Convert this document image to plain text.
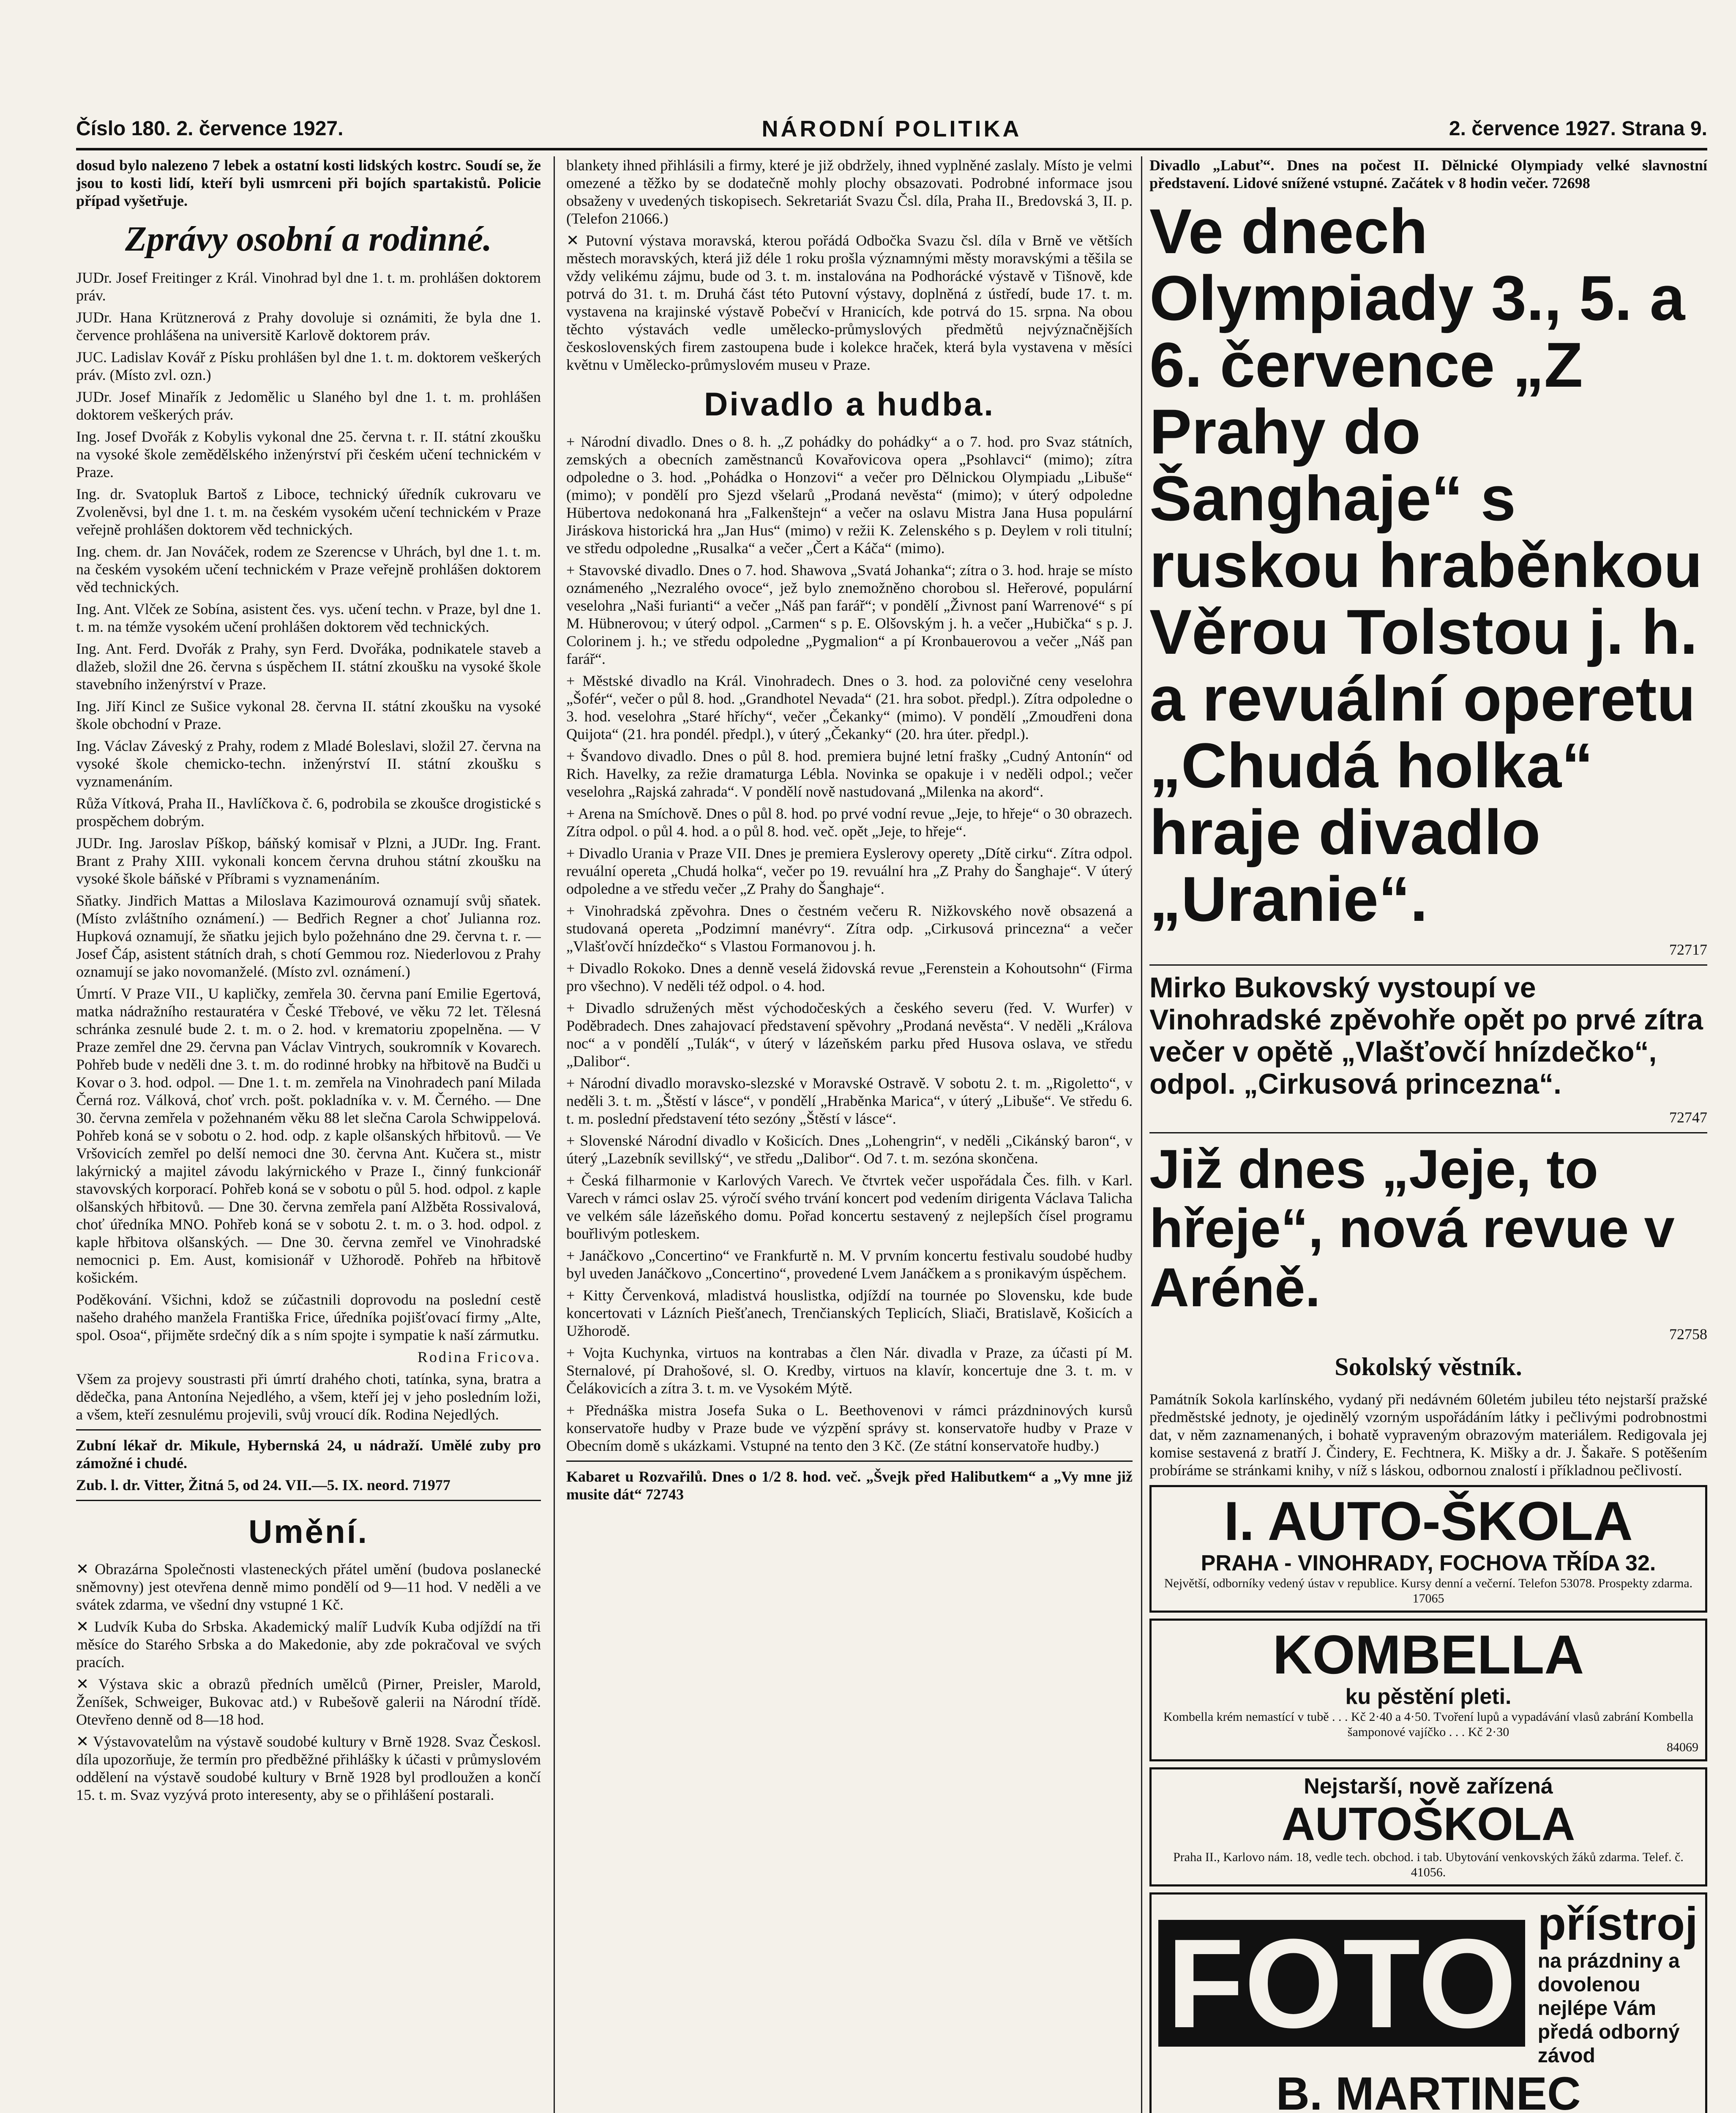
Číslo 180. 2. července 1927.	NÁRODNÍ POLITIKA	2. července 1927. Strana 9.

dosud bylo nalezeno 7 lebek a ostatní kosti lidských kostrc. Soudí se, že jsou to kosti lidí, kteří byli usmrceni při bojích spartakistů. Policie případ vyšetřuje.

Zprávy osobní a rodinné.

JUDr. Josef Freitinger z Král. Vinohrad byl dne 1. t. m. prohlášen doktorem práv.

JUDr. Hana Krütznerová z Prahy dovoluje si oznámiti, že byla dne 1. července prohlášena na universitě Karlově doktorem práv.

JUC. Ladislav Kovář z Písku prohlášen byl dne 1. t. m. doktorem veškerých práv. (Místo zvl. ozn.)

JUDr. Josef Minařík z Jedomělic u Slaného byl dne 1. t. m. prohlášen doktorem veškerých práv.

Ing. Josef Dvořák z Kobylis vykonal dne 25. června t. r. II. státní zkoušku na vysoké škole zemědělského inženýrství při českém učení technickém v Praze.

Ing. dr. Svatopluk Bartoš z Liboce, technický úředník cukrovaru ve Zvoleněvsi, byl dne 1. t. m. na českém vysokém učení technickém v Praze veřejně prohlášen doktorem věd technických.

Ing. chem. dr. Jan Nováček, rodem ze Szerencse v Uhrách, byl dne 1. t. m. na českém vysokém učení technickém v Praze veřejně prohlášen doktorem věd technických.

Ing. Ant. Vlček ze Sobína, asistent čes. vys. učení techn. v Praze, byl dne 1. t. m. na témže vysokém učení prohlášen doktorem věd technických.

Ing. Ant. Ferd. Dvořák z Prahy, syn Ferd. Dvořáka, podnikatele staveb a dlažeb, složil dne 26. června s úspěchem II. státní zkoušku na vysoké škole stavebního inženýrství v Praze.

Ing. Jiří Kincl ze Sušice vykonal 28. června II. státní zkoušku na vysoké škole obchodní v Praze.

Ing. Václav Záveský z Prahy, rodem z Mladé Boleslavi, složil 27. června na vysoké škole chemicko-techn. inženýrství II. státní zkoušku s vyznamenáním.

Růža Vítková, Praha II., Havlíčkova č. 6, podrobila se zkoušce drogistické s prospěchem dobrým.

JUDr. Ing. Jaroslav Píškop, báňský komisař v Plzni, a JUDr. Ing. Frant. Brant z Prahy XIII. vykonali koncem června druhou státní zkoušku na vysoké škole báňské v Příbrami s vyznamenáním.

Sňatky. Jindřich Mattas a Miloslava Kazimourová oznamují svůj sňatek. (Místo zvláštního oznámení.) — Bedřich Regner a choť Julianna roz. Hupková oznamují, že sňatku jejich bylo požehnáno dne 29. června t. r. — Josef Čáp, asistent státních drah, s chotí Gemmou roz. Niederlovou z Prahy oznamují se jako novomanželé. (Místo zvl. oznámení.)

Úmrtí. V Praze VII., U kapličky, zemřela 30. června paní Emilie Egertová, matka nádražního restauratéra v České Třebové, ve věku 72 let. Tělesná schránka zesnulé bude 2. t. m. o 2. hod. v krematoriu zpopelněna. — V Praze zemřel dne 29. června pan Václav Vintrych, soukromník v Kovarech. Pohřeb bude v neděli dne 3. t. m. do rodinné hrobky na hřbitově na Budči u Kovar o 3. hod. odpol. — Dne 1. t. m. zemřela na Vinohradech paní Milada Černá roz. Válková, choť vrch. pošt. pokladníka v. v. M. Černého. — Dne 30. června zemřela v požehnaném věku 88 let slečna Carola Schwippelová. Pohřeb koná se v sobotu o 2. hod. odp. z kaple olšanských hřbitovů. — Ve Vršovicích zemřel po delší nemoci dne 30. června Ant. Kučera st., mistr lakýrnický a majitel závodu lakýrnického v Praze I., činný funkcionář stavovských korporací. Pohřeb koná se v sobotu o půl 5. hod. odpol. z kaple olšanských hřbitovů. — Dne 30. června zemřela paní Alžběta Rossivalová, choť úředníka MNO. Pohřeb koná se v sobotu 2. t. m. o 3. hod. odpol. z kaple hřbitova olšanských. — Dne 30. června zemřel ve Vinohradské nemocnici p. Em. Aust, komisionář v Užhorodě. Pohřeb na hřbitově košickém.

Poděkování. Všichni, kdož se zúčastnili doprovodu na poslední cestě našeho drahého manžela Františka Frice, úředníka pojišťovací firmy „Alte, spol. Osoa“, přijměte srdečný dík a s ním spojte i sympatie k naší zármutku.

Rodina Fricova.

Všem za projevy soustrasti při úmrtí drahého choti, tatínka, syna, bratra a dědečka, pana Antonína Nejedlého, a všem, kteří jej v jeho posledním loži, a všem, kteří zesnulému projevili, svůj vroucí dík. Rodina Nejedlých.

Zubní lékař dr. Mikule, Hybernská 24, u nádraží. Umělé zuby pro zámožné i chudé.

Zub. l. dr. Vitter, Žitná 5, od 24. VII.—5. IX. neord. 71977

Umění.

✕ Obrazárna Společnosti vlasteneckých přátel umění (budova poslanecké sněmovny) jest otevřena denně mimo pondělí od 9—11 hod. V neděli a ve svátek zdarma, ve všední dny vstupné 1 Kč.

✕ Ludvík Kuba do Srbska. Akademický malíř Ludvík Kuba odjíždí na tři měsíce do Starého Srbska a do Makedonie, aby zde pokračoval ve svých pracích.

✕ Výstava skic a obrazů předních umělců (Pirner, Preisler, Marold, Ženíšek, Schweiger, Bukovac atd.) v Rubešově galerii na Národní třídě. Otevřeno denně od 8—18 hod.

✕ Výstavovatelům na výstavě soudobé kultury v Brně 1928. Svaz Českosl. díla upozorňuje, že termín pro předběžné přihlášky k účasti v průmyslovém oddělení na výstavě soudobé kultury v Brně 1928 byl prodloužen a končí 15. t. m. Svaz vyzývá proto interesenty, aby se o přihlášení postarali.

blankety ihned přihlásili a firmy, které je již obdržely, ihned vyplněné zaslaly. Místo je velmi omezené a těžko by se dodatečně mohly plochy obsazovati. Podrobné informace jsou obsaženy v uvedených tiskopisech. Sekretariát Svazu Čsl. díla, Praha II., Bredovská 3, II. p. (Telefon 21066.)

✕ Putovní výstava moravská, kterou pořádá Odbočka Svazu čsl. díla v Brně ve větších městech moravských, která již déle 1 roku prošla významnými městy moravskými a těšila se vždy velikému zájmu, bude od 3. t. m. instalována na Podhorácké výstavě v Tišnově, kde potrvá do 31. t. m. Druhá část této Putovní výstavy, doplněná z ústředí, bude 17. t. m. vystavena na krajinské výstavě Pobečví v Hranicích, kde potrvá do 15. srpna. Na obou těchto výstavách vedle umělecko-průmyslových předmětů nejvýznačnějších československých firem zastoupena bude i kolekce hraček, která byla vystavena v měsíci květnu v Umělecko-průmyslovém museu v Praze.

Divadlo a hudba.

+ Národní divadlo. Dnes o 8. h. „Z pohádky do pohádky“ a o 7. hod. pro Svaz státních, zemských a obecních zaměstnanců Kovařovicova opera „Psohlavci“ (mimo); zítra odpoledne o 3. hod. „Pohádka o Honzovi“ a večer pro Dělnickou Olympiadu „Libuše“ (mimo); v pondělí pro Sjezd všelarů „Prodaná nevěsta“ (mimo); v úterý odpoledne Hübertova nedokonaná hra „Falkenštejn“ a večer na oslavu Mistra Jana Husa populární Jiráskova historická hra „Jan Hus“ (mimo) v režii K. Zelenského s p. Deylem v roli titulní; ve středu odpoledne „Rusalka“ a večer „Čert a Káča“ (mimo).

+ Stavovské divadlo. Dnes o 7. hod. Shawova „Svatá Johanka“; zítra o 3. hod. hraje se místo oznámeného „Nezralého ovoce“, jež bylo znemožněno chorobou sl. Heřerové, populární veselohra „Naši furianti“ a večer „Náš pan farář“; v pondělí „Živnost paní Warrenové“ s pí M. Hübnerovou; v úterý odpol. „Carmen“ s p. E. Olšovským j. h. a večer „Hubička“ s p. J. Colorinem j. h.; ve středu odpoledne „Pygmalion“ a pí Kronbauerovou a večer „Náš pan farář“.

+ Městské divadlo na Král. Vinohradech. Dnes o 3. hod. za polovičné ceny veselohra „Šofér“, večer o půl 8. hod. „Grandhotel Nevada“ (21. hra sobot. předpl.). Zítra odpoledne o 3. hod. veselohra „Staré hříchy“, večer „Čekanky“ (mimo). V pondělí „Zmoudřeni dona Quijota“ (21. hra pondél. předpl.), v úterý „Čekanky“ (20. hra úter. předpl.).

+ Švandovo divadlo. Dnes o půl 8. hod. premiera bujné letní frašky „Cudný Antonín“ od Rich. Havelky, za režie dramaturga Lébla. Novinka se opakuje i v neděli odpol.; večer veselohra „Rajská zahrada“. V pondělí nově nastudovaná „Milenka na akord“.

+ Arena na Smíchově. Dnes o půl 8. hod. po prvé vodní revue „Jeje, to hřeje“ o 30 obrazech. Zítra odpol. o půl 4. hod. a o půl 8. hod. več. opět „Jeje, to hřeje“.

+ Divadlo Urania v Praze VII. Dnes je premiera Eyslerovy operety „Dítě cirku“. Zítra odpol. revuální opereta „Chudá holka“, večer po 19. revuální hra „Z Prahy do Šanghaje“. V úterý odpoledne a ve středu večer „Z Prahy do Šanghaje“.

+ Vinohradská zpěvohra. Dnes o čestném večeru R. Nižkovského nově obsazená a studovaná opereta „Podzimní manévry“. Zítra odp. „Cirkusová princezna“ a večer „Vlašťovčí hnízdečko“ s Vlastou Formanovou j. h.

+ Divadlo Rokoko. Dnes a denně veselá židovská revue „Ferenstein a Kohoutsohn“ (Firma pro všechno). V neděli též odpol. o 4. hod.

+ Divadlo sdružených měst východočeských a českého severu (řed. V. Wurfer) v Poděbradech. Dnes zahajovací představení spěvohry „Prodaná nevěsta“. V neděli „Králova noc“ a v pondělí „Tulák“, v úterý v lázeňském parku před Husova oslava, ve středu „Dalibor“.

+ Národní divadlo moravsko-slezské v Moravské Ostravě. V sobotu 2. t. m. „Rigoletto“, v neděli 3. t. m. „Štěstí v lásce“, v pondělí „Hraběnka Marica“, v úterý „Libuše“. Ve středu 6. t. m. poslední představení této sezóny „Štěstí v lásce“.

+ Slovenské Národní divadlo v Košicích. Dnes „Lohengrin“, v neděli „Cikánský baron“, v úterý „Lazebník sevillský“, ve středu „Dalibor“. Od 7. t. m. sezóna skončena.

+ Česká filharmonie v Karlových Varech. Ve čtvrtek večer uspořádala Čes. filh. v Karl. Varech v rámci oslav 25. výročí svého trvání koncert pod vedením dirigenta Václava Talicha ve velkém sále lázeňského domu. Pořad koncertu sestavený z nejlepších čísel programu bouřlivým potleskem.

+ Janáčkovo „Concertino“ ve Frankfurtě n. M. V prvním koncertu festivalu soudobé hudby byl uveden Janáčkovo „Concertino“, provedené Lvem Janáčkem a s pronikavým úspěchem.

+ Kitty Červenková, mladistvá houslistka, odjíždí na tournée po Slovensku, kde bude koncertovati v Lázních Piešťanech, Trenčianských Teplicích, Sliači, Bratislavě, Košicích a Užhorodě.

+ Vojta Kuchynka, virtuos na kontrabas a člen Nár. divadla v Praze, za účasti pí M. Sternalové, pí Drahošové, sl. O. Kredby, virtuos na klavír, koncertuje dne 3. t. m. v Čelákovicích a zítra 3. t. m. ve Vysokém Mýtě.

+ Přednáška mistra Josefa Suka o L. Beethovenovi v rámci prázdninových kursů konservatoře hudby v Praze bude ve výzpění správy st. konservatoře hudby v Praze v Obecním domě s ukázkami. Vstupné na tento den 3 Kč. (Ze státní konservatoře hudby.)

Kabaret u Rozvařilů. Dnes o 1/2 8. hod. več. „Švejk před Halibutkem“ a „Vy mne již musite dát“ 72743

Divadlo „Labuť“. Dnes na počest II. Dělnické Olympiady velké slavnostní představení. Lidové snížené vstupné. Začátek v 8 hodin večer. 72698

Ve dnech Olympiady 3., 5. a 6. července „Z Prahy do Šanghaje“ s ruskou hraběnkou Věrou Tolstou j. h. a revuální operetu „Chudá holka“ hraje divadlo „Uranie“.

72717

Mirko Bukovský vystoupí ve Vinohradské zpěvohře opět po prvé zítra večer v opětě „Vlašťovčí hnízdečko“, odpol. „Cirkusová princezna“.

72747

Již dnes „Jeje, to hřeje“, nová revue v Aréně.

72758

Sokolský věstník.

Památník Sokola karlínského, vydaný při nedávném 60letém jubileu této nejstarší pražské předměstské jednoty, je ojedinělý vzorným uspořádáním látky i pečlivými podrobnostmi dat, v něm zaznamenaných, i bohatě vypraveným obrazovým materiálem. Redigovala jej komise sestavená z bratří J. Čindery, E. Fechtnera, K. Mišky a dr. J. Šakaře. S potěšením probíráme se stránkami knihy, v níž s láskou, odbornou znalostí i příkladnou pečlivostí.

I. AUTO-ŠKOLA
PRAHA - VINOHRADY, FOCHOVA TŘÍDA 32.
Největší, odborníky vedený ústav v republice. Kursy denní a večerní. Telefon 53078. Prospekty zdarma. 17065
KOMBELLA
ku pěstění pleti.
Kombella krém nemastící v tubě . . . Kč 2·40 a 4·50. Tvoření lupů a vypadávání vlasů zabrání Kombella šamponové vajíčko . . . Kč 2·30
84069
Nejstarší, nově zařízená
AUTOŠKOLA
Praha II., Karlovo nám. 18, vedle tech. obchod. i tab. Ubytování venkovských žáků zdarma. Telef. č. 41056.
FOTO přístroj
na prázdniny a dovolenou nejlépe Vám předá odborný závod
B. MARTINEC
